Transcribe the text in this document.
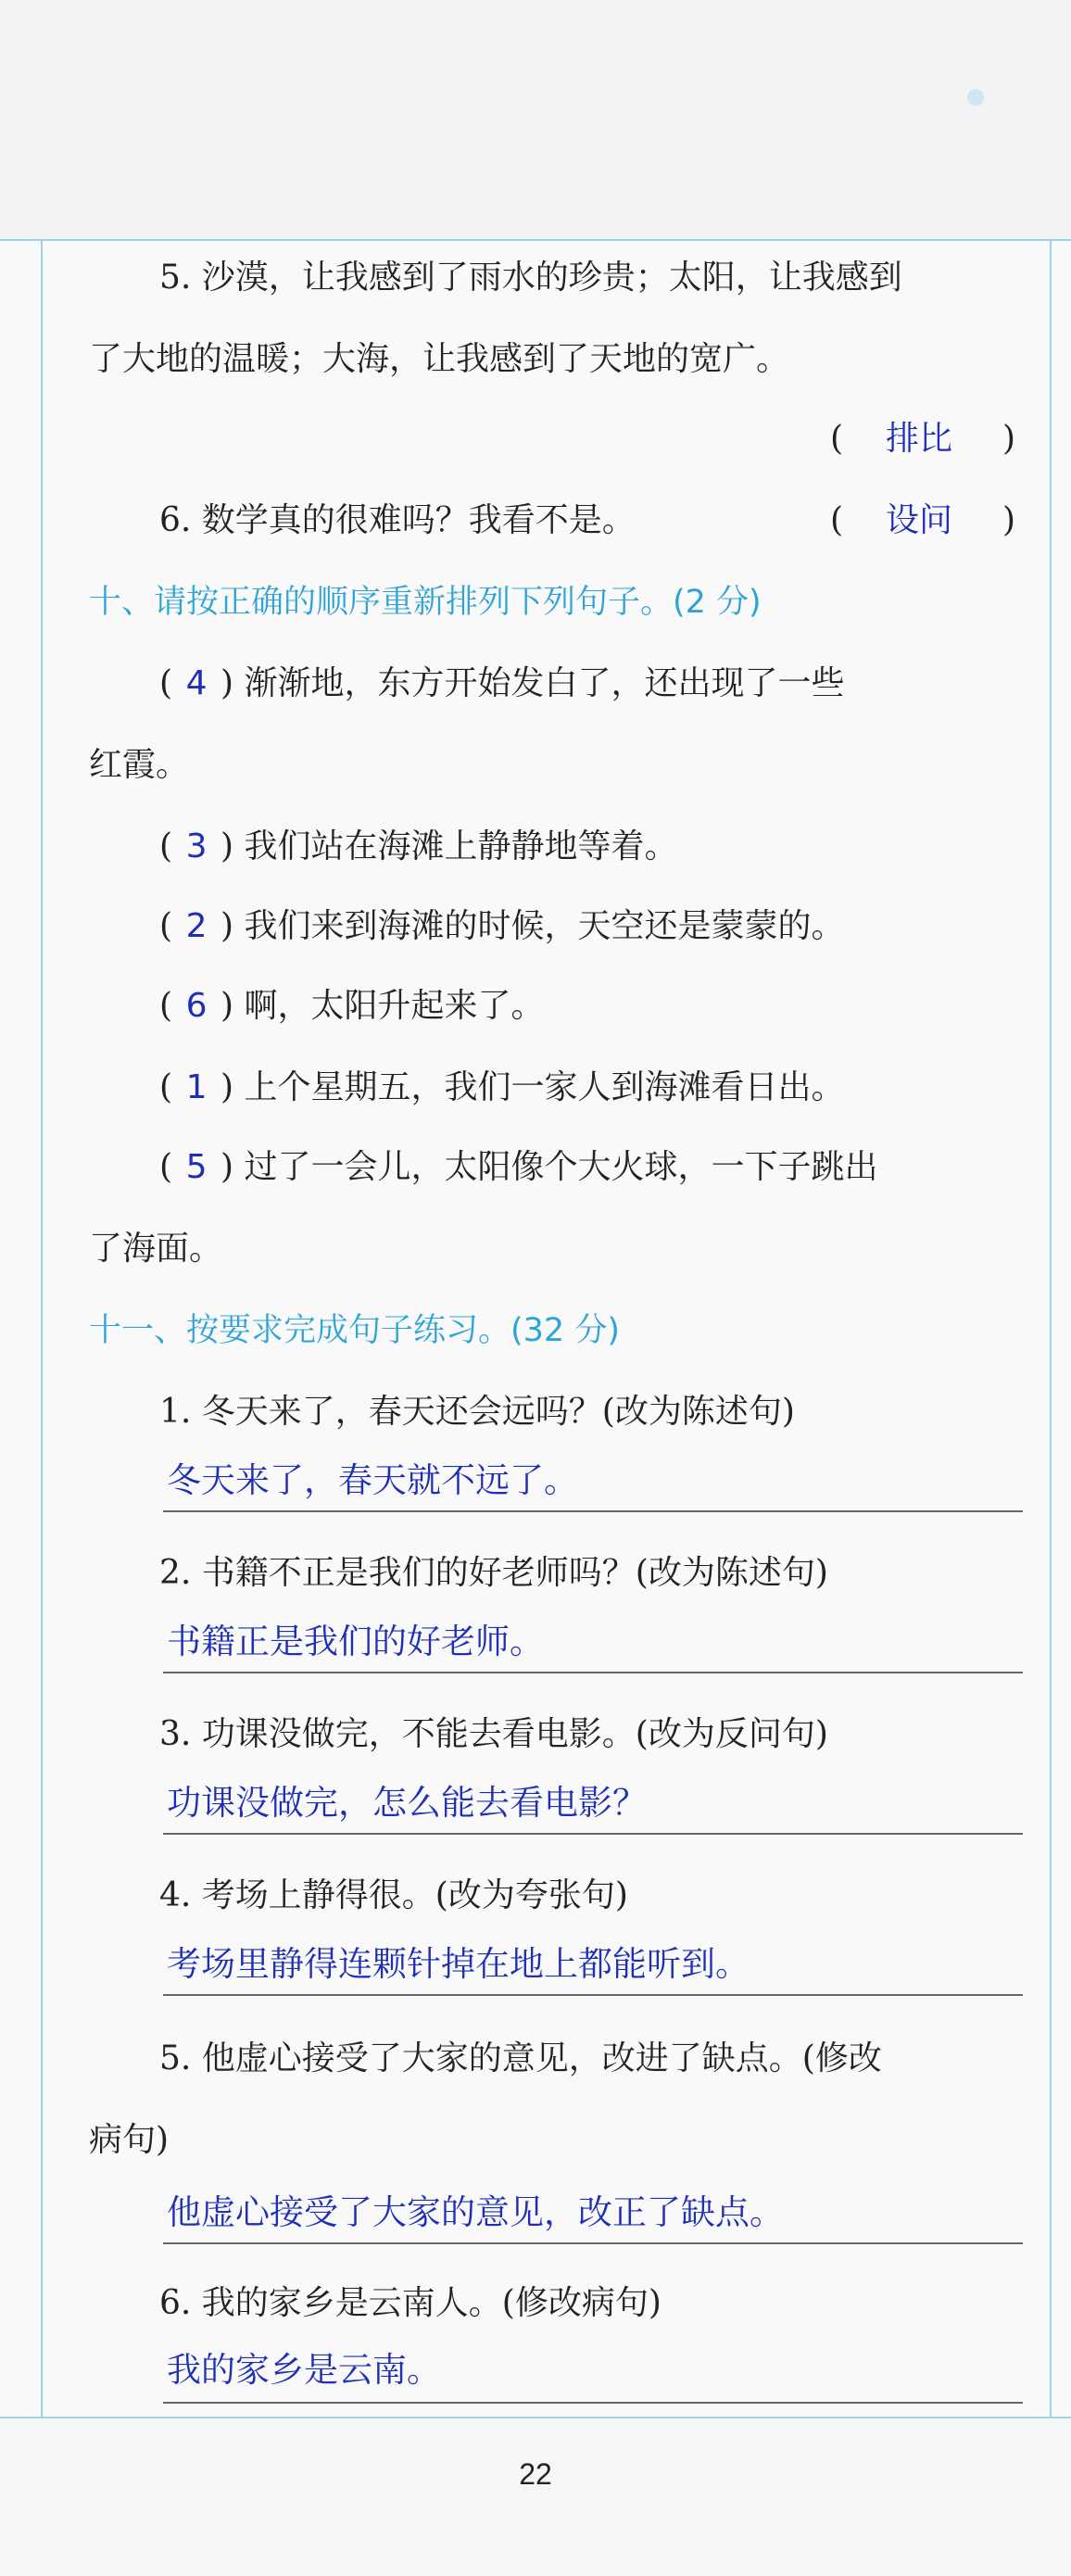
5. 沙漠，让我感到了雨水的珍贵；太阳，让我感到
了大地的温暖；大海，让我感到了天地的宽广。
( 排比 )
6. 数学真的很难吗？我看不是。	( 设问 )
十、请按正确的顺序重新排列下列句子。(2 分)
( 4 ) 渐渐地，东方开始发白了，还出现了一些
红霞。
( 3 ) 我们站在海滩上静静地等着。
( 2 ) 我们来到海滩的时候，天空还是蒙蒙的。
( 6 ) 啊，太阳升起来了。
( 1 ) 上个星期五，我们一家人到海滩看日出。
( 5 ) 过了一会儿，太阳像个大火球，一下子跳出
了海面。
十一、按要求完成句子练习。(32 分)
1. 冬天来了，春天还会远吗？(改为陈述句)
冬天来了，春天就不远了。
2. 书籍不正是我们的好老师吗？(改为陈述句)
书籍正是我们的好老师。
3. 功课没做完，不能去看电影。(改为反问句)
功课没做完，怎么能去看电影？
4. 考场上静得很。(改为夸张句)
考场里静得连颗针掉在地上都能听到。
5. 他虚心接受了大家的意见，改进了缺点。(修改
病句)
他虚心接受了大家的意见，改正了缺点。
6. 我的家乡是云南人。(修改病句)
我的家乡是云南。
22
